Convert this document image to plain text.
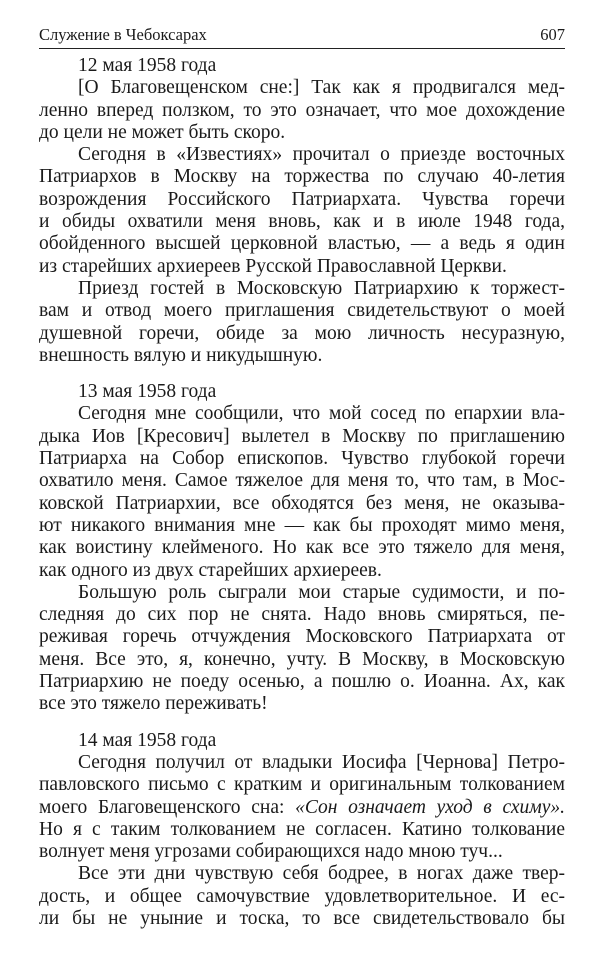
Служение в Чебоксарах	607
12 мая 1958 года
[О Благовещенском сне:] Так как я продвигался мед-
ленно вперед ползком, то это означает, что мое дохождение
до цели не может быть скоро.
Сегодня в «Известиях» прочитал о приезде восточных
Патриархов в Москву на торжества по случаю 40-летия
возрождения Российского Патриархата. Чувства горечи
и обиды охватили меня вновь, как и в июле 1948 года,
обойденного высшей церковной властью, — а ведь я один
из старейших архиереев Русской Православной Церкви.
Приезд гостей в Московскую Патриархию к торжест-
вам и отвод моего приглашения свидетельствуют о моей
душевной горечи, обиде за мою личность несуразную,
внешность вялую и никудышную.
13 мая 1958 года
Сегодня мне сообщили, что мой сосед по епархии вла-
дыка Иов [Кресович] вылетел в Москву по приглашению
Патриарха на Собор епископов. Чувство глубокой горечи
охватило меня. Самое тяжелое для меня то, что там, в Мос-
ковской Патриархии, все обходятся без меня, не оказыва-
ют никакого внимания мне — как бы проходят мимо меня,
как воистину клейменого. Но как все это тяжело для меня,
как одного из двух старейших архиереев.
Большую роль сыграли мои старые судимости, и по-
следняя до сих пор не снята. Надо вновь смиряться, пе-
реживая горечь отчуждения Московского Патриархата от
меня. Все это, я, конечно, учту. В Москву, в Московскую
Патриархию не поеду осенью, а пошлю о. Иоанна. Ах, как
все это тяжело переживать!
14 мая 1958 года
Сегодня получил от владыки Иосифа [Чернова] Петро-
павловского письмо с кратким и оригинальным толкованием
моего Благовещенского сна: «Сон означает уход в схиму».
Но я с таким толкованием не согласен. Катино толкование
волнует меня угрозами собирающихся надо мною туч...
Все эти дни чувствую себя бодрее, в ногах даже твер-
дость, и общее самочувствие удовлетворительное. И ес-
ли бы не уныние и тоска, то все свидетельствовало бы
